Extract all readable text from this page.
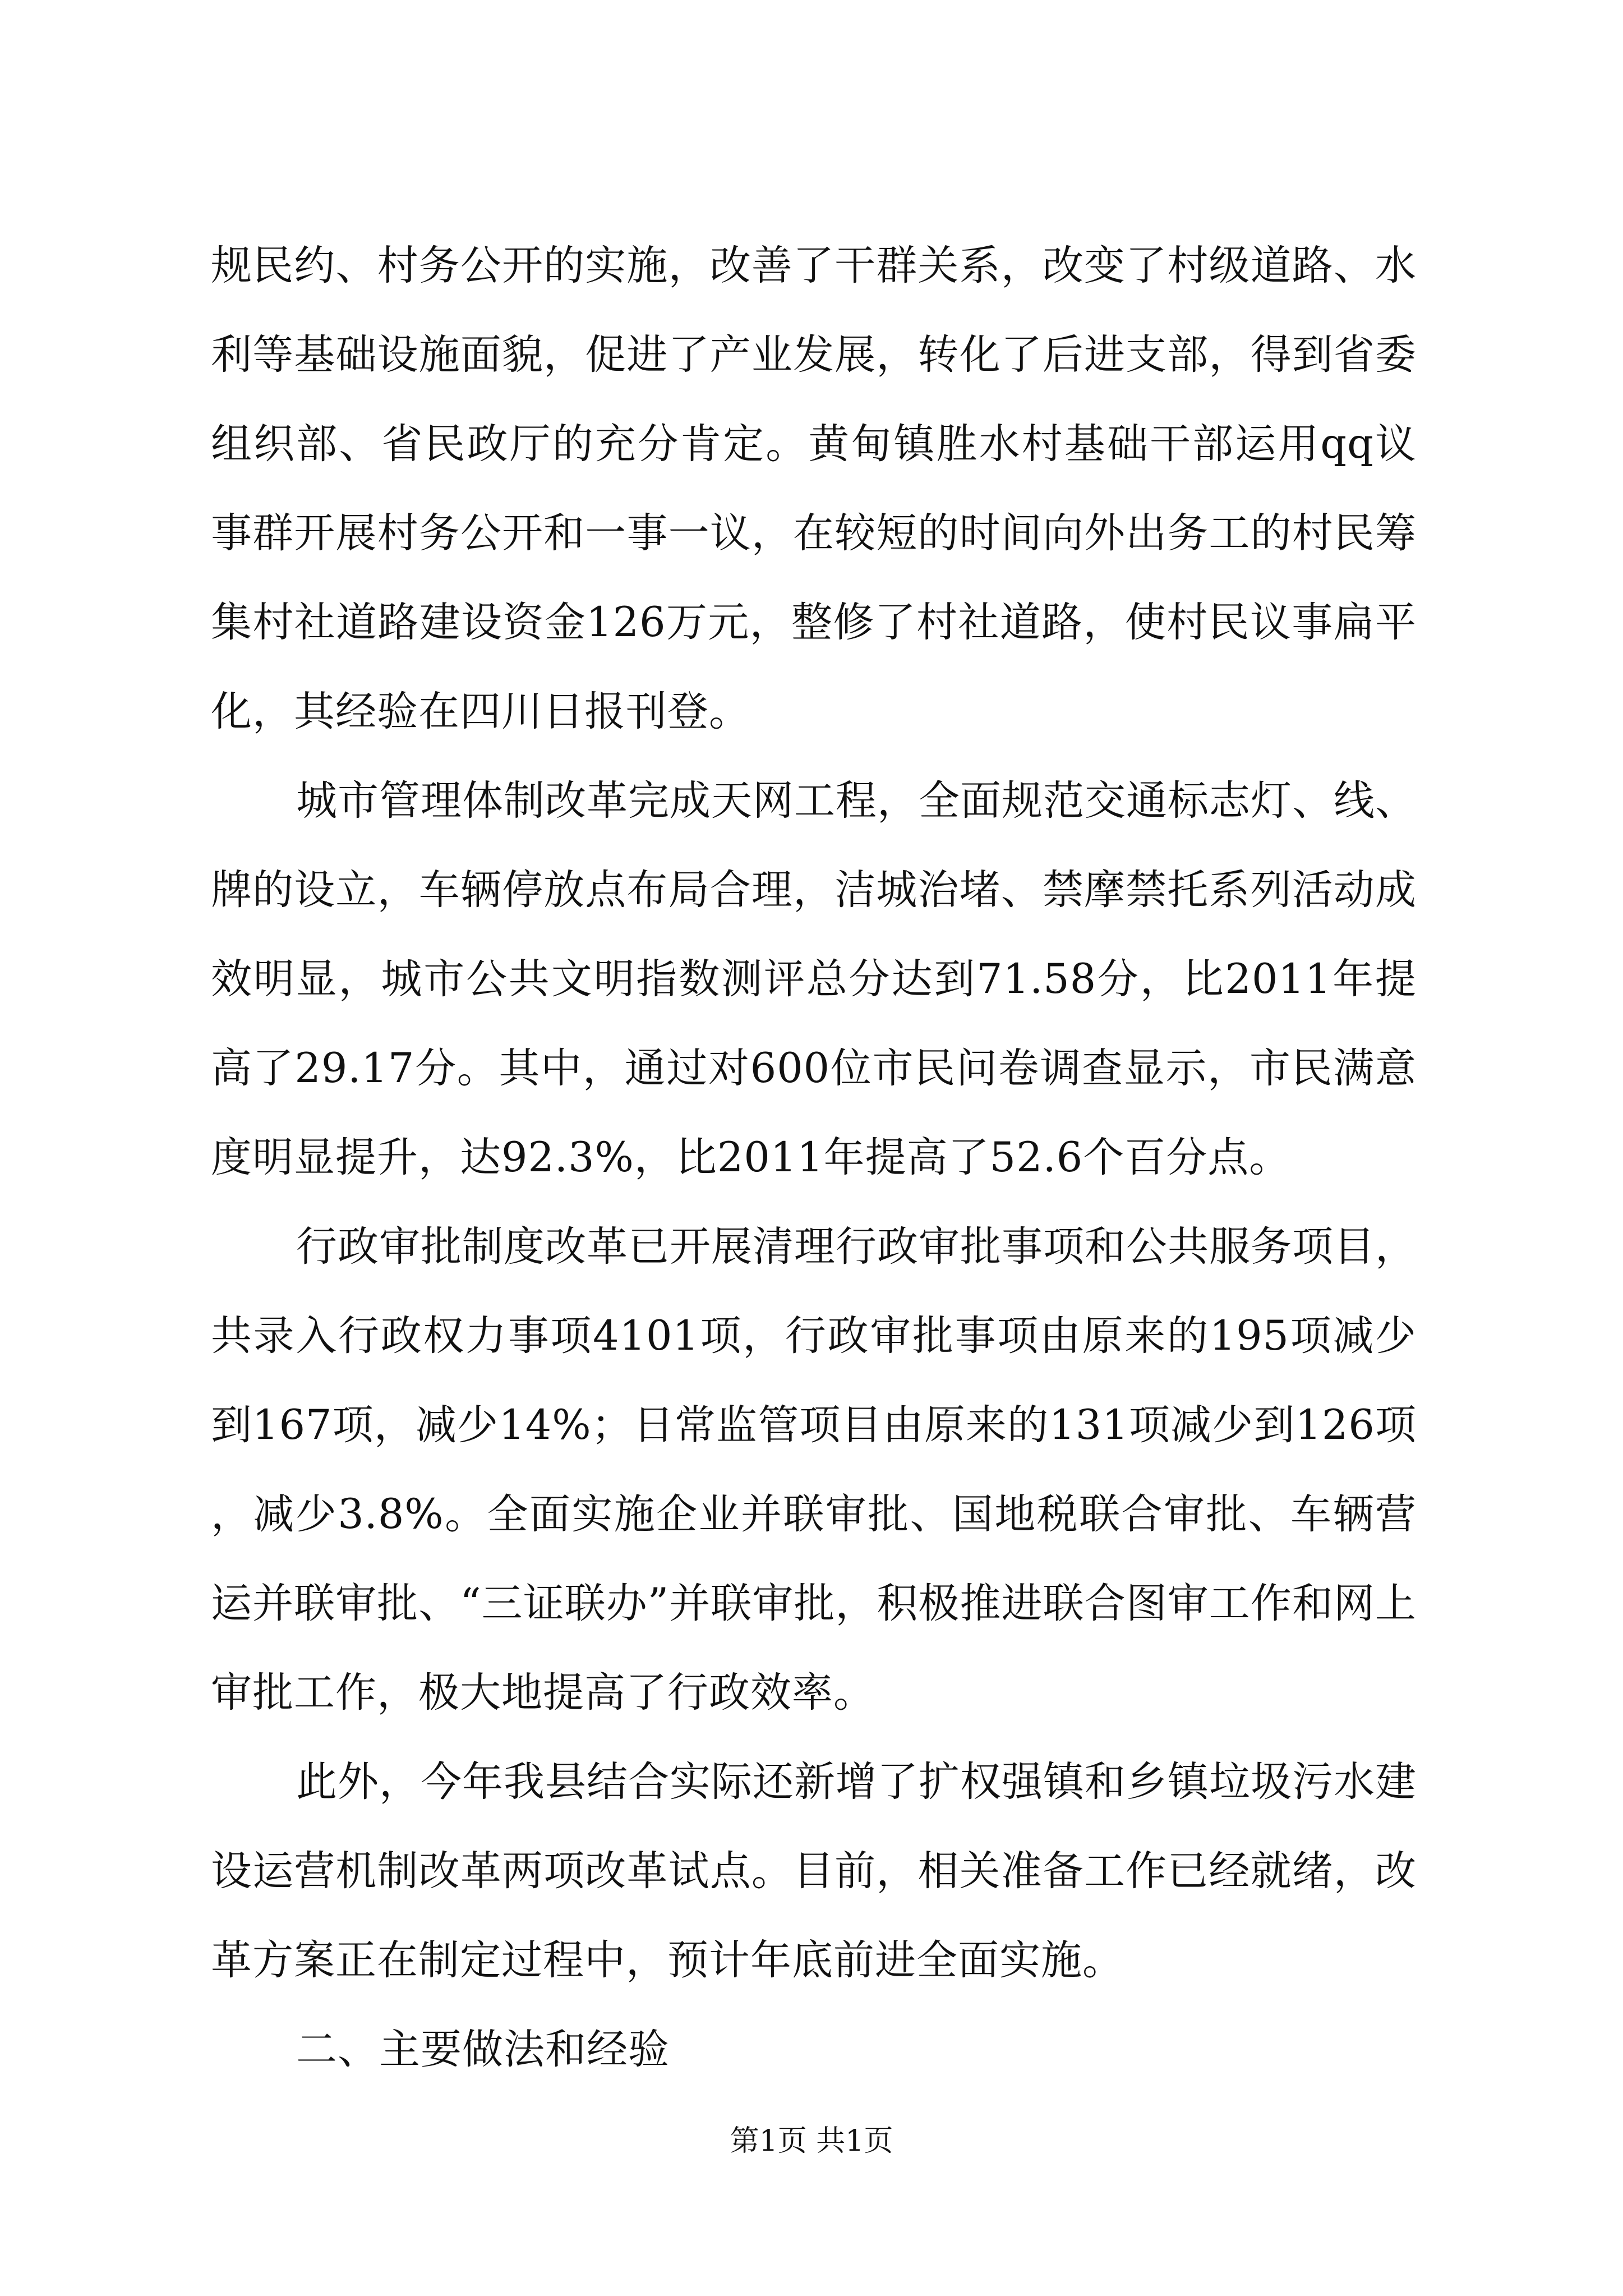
规民约、村务公开的实施，改善了干群关系，改变了村级道路、水利等基础设施面貌，促进了产业发展，转化了后进支部，得到省委组织部、省民政厅的充分肯定。黄甸镇胜水村基础干部运用qq议事群开展村务公开和一事一议，在较短的时间向外出务工的村民筹集村社道路建设资金126万元，整修了村社道路，使村民议事扁平化，其经验在四川日报刊登。

城市管理体制改革完成天网工程，全面规范交通标志灯、线、牌的设立，车辆停放点布局合理，洁城治堵、禁摩禁托系列活动成效明显，城市公共文明指数测评总分达到71.58分，比2011年提高了29.17分。其中，通过对600位市民问卷调查显示，市民满意度明显提升，达92.3%，比2011年提高了52.6个百分点。

行政审批制度改革已开展清理行政审批事项和公共服务项目，共录入行政权力事项4101项，行政审批事项由原来的195项减少到167项，减少14%；日常监管项目由原来的131项减少到126项，减少3.8%。全面实施企业并联审批、国地税联合审批、车辆营运并联审批、“三证联办”并联审批，积极推进联合图审工作和网上审批工作，极大地提高了行政效率。

此外，今年我县结合实际还新增了扩权强镇和乡镇垃圾污水建设运营机制改革两项改革试点。目前，相关准备工作已经就绪，改革方案正在制定过程中，预计年底前进全面实施。

二、主要做法和经验

第1页 共1页
